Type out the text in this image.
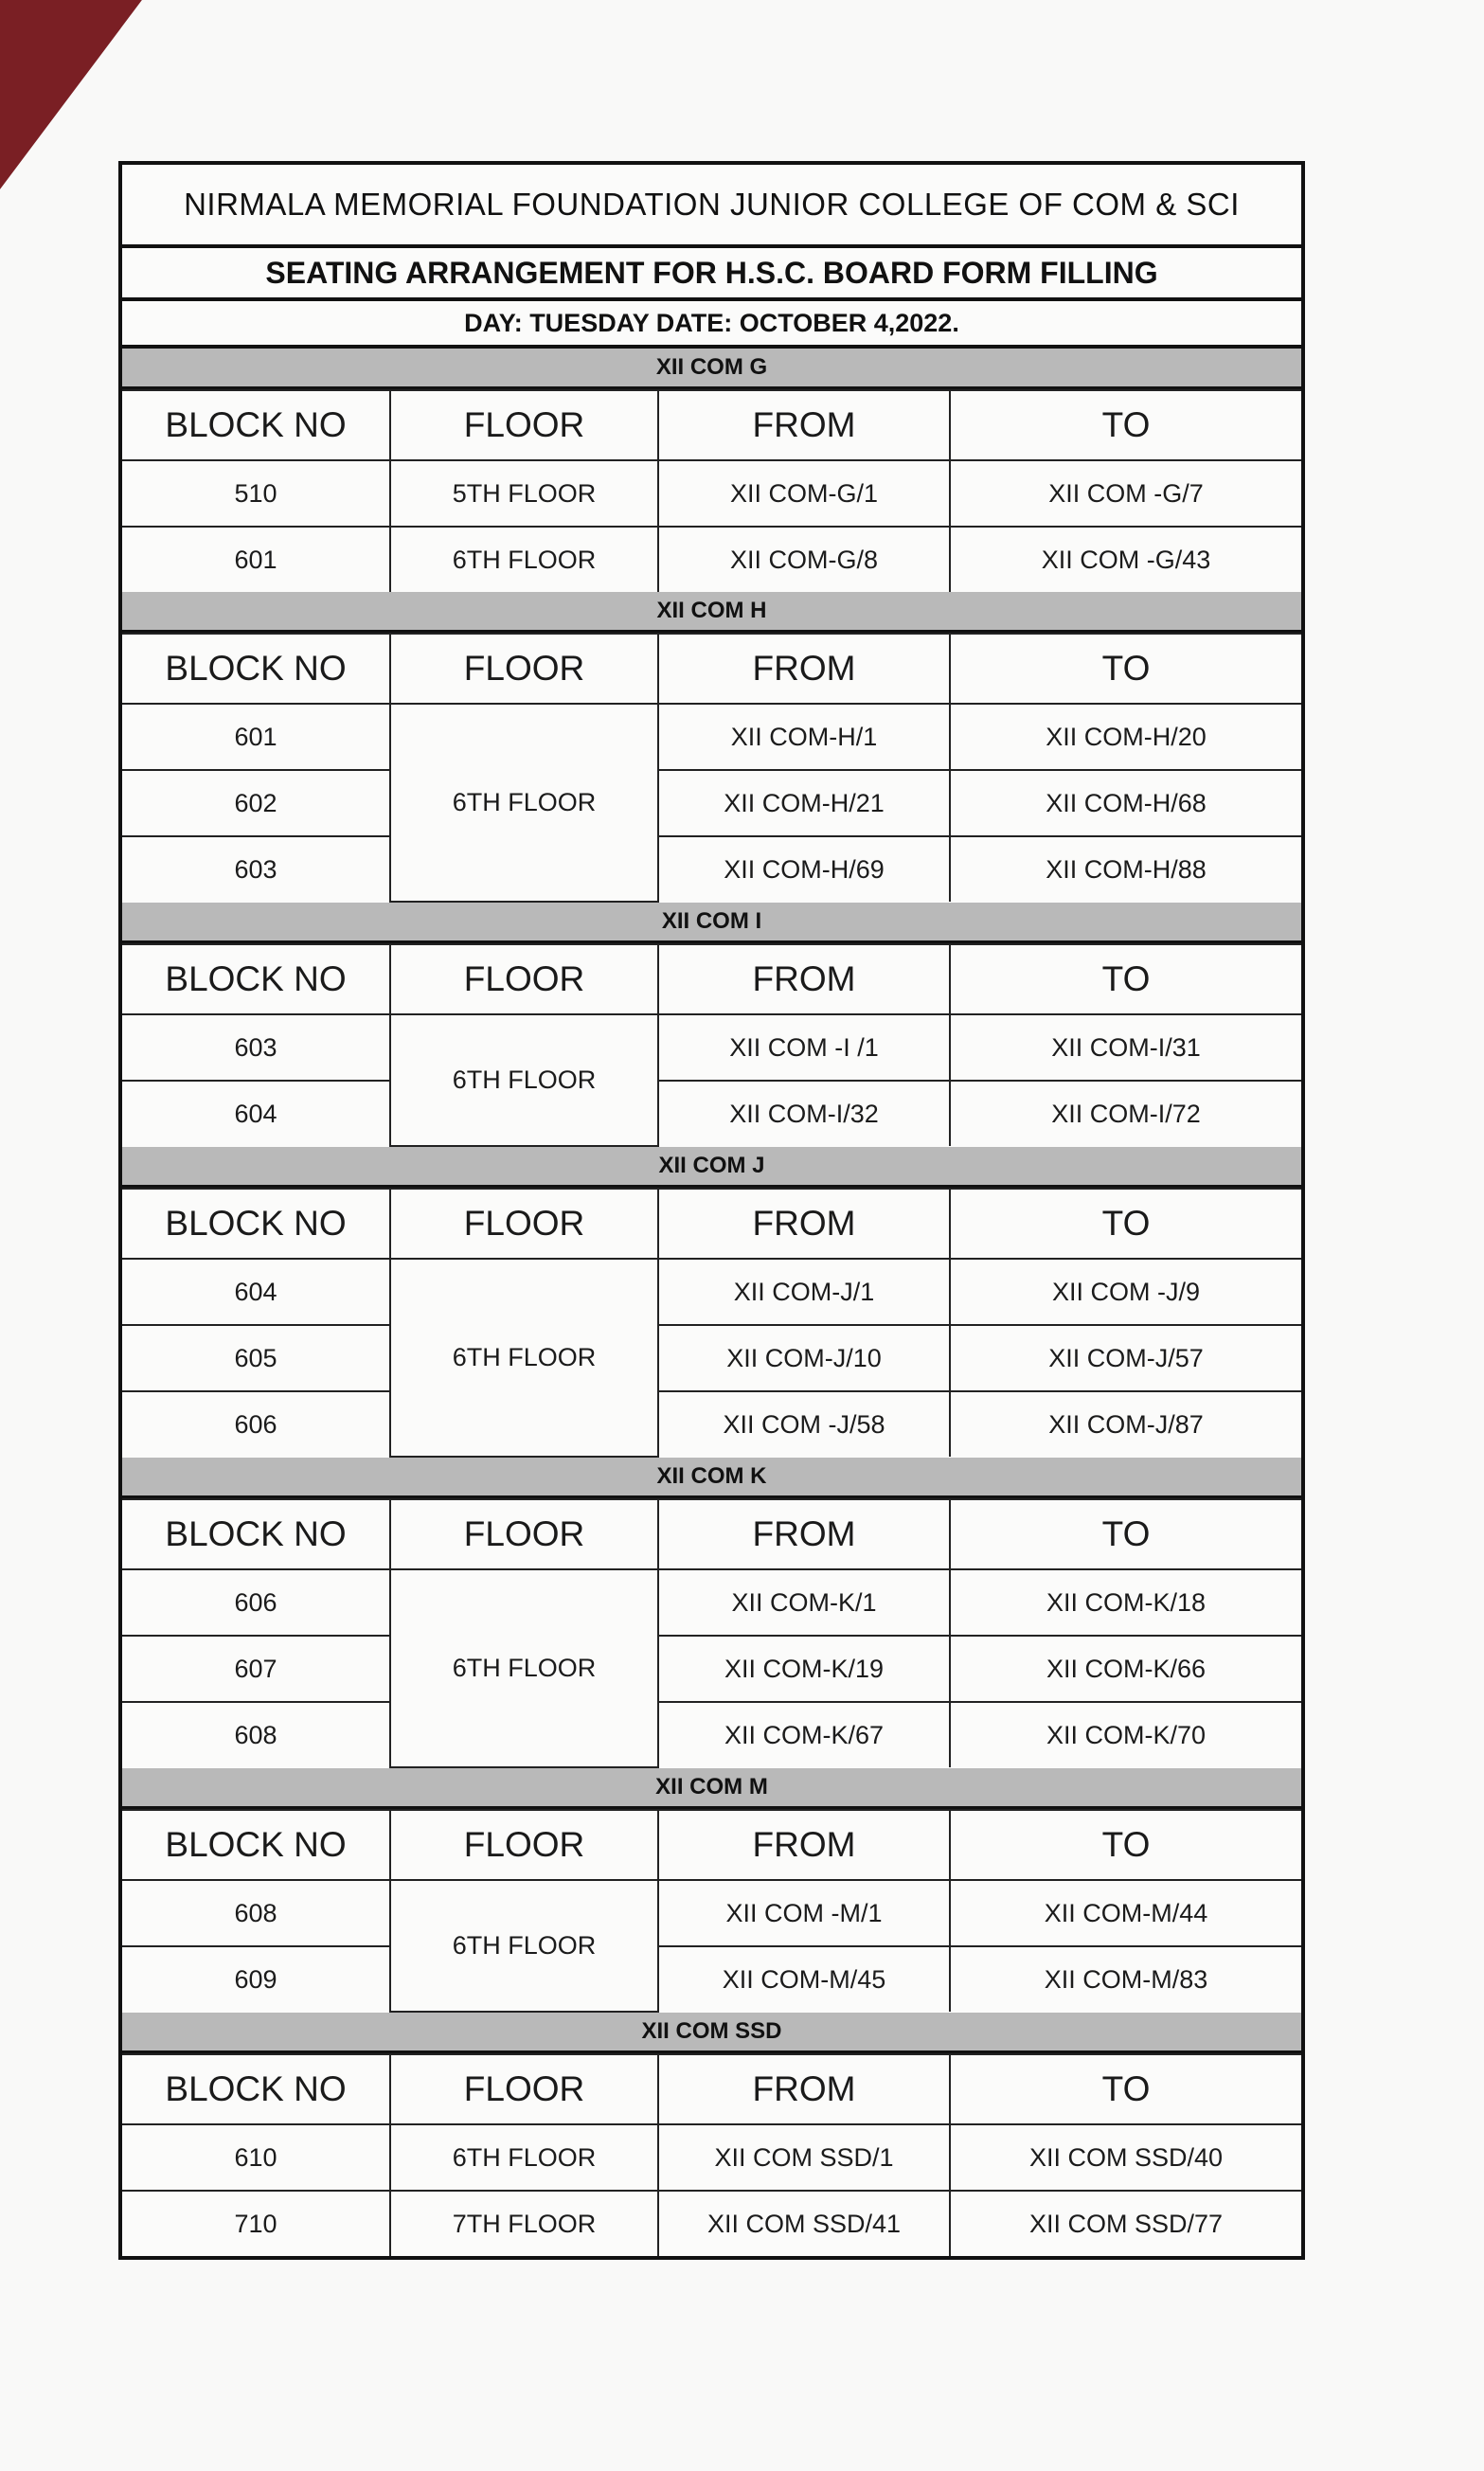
NIRMALA MEMORIAL FOUNDATION JUNIOR COLLEGE OF COM & SCI
SEATING ARRANGEMENT FOR H.S.C. BOARD FORM FILLING
DAY: TUESDAY DATE: OCTOBER 4,2022.
XII COM G
BLOCK NO	FLOOR	FROM	TO
510	5TH FLOOR	XII COM-G/1	XII COM -G/7
601	6TH FLOOR	XII COM-G/8	XII COM -G/43
XII COM H
BLOCK NO	FLOOR	FROM	TO
601	6TH FLOOR	XII COM-H/1	XII COM-H/20
602		XII COM-H/21	XII COM-H/68
603		XII COM-H/69	XII COM-H/88
XII COM I
BLOCK NO	FLOOR	FROM	TO
603	6TH FLOOR	XII COM -I /1	XII COM-I/31
604		XII COM-I/32	XII COM-I/72
XII COM J
BLOCK NO	FLOOR	FROM	TO
604	6TH FLOOR	XII COM-J/1	XII COM -J/9
605		XII COM-J/10	XII COM-J/57
606		XII COM -J/58	XII COM-J/87
XII COM K
BLOCK NO	FLOOR	FROM	TO
606	6TH FLOOR	XII COM-K/1	XII COM-K/18
607		XII COM-K/19	XII COM-K/66
608		XII COM-K/67	XII COM-K/70
XII COM M
BLOCK NO	FLOOR	FROM	TO
608	6TH FLOOR	XII COM -M/1	XII COM-M/44
609		XII COM-M/45	XII COM-M/83
XII COM SSD
BLOCK NO	FLOOR	FROM	TO
610	6TH FLOOR	XII COM SSD/1	XII COM SSD/40
710	7TH FLOOR	XII COM SSD/41	XII COM SSD/77
